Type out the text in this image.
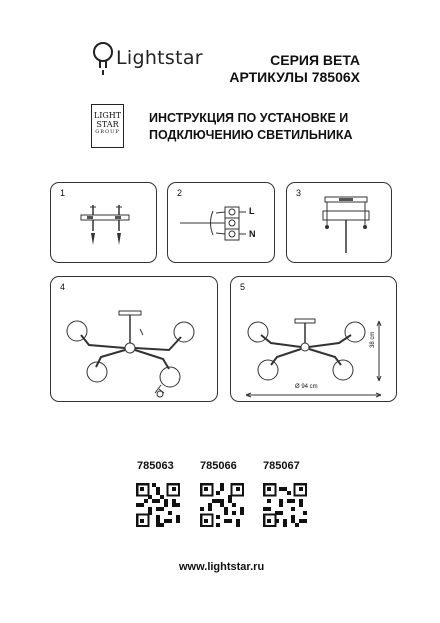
Lightstar	СЕРИЯ BETA
АРТИКУЛЫ 78506X
LIGHT
STAR
GROUP
ИНСТРУКЦИЯ ПО УСТАНОВКЕ И
ПОДКЛЮЧЕНИЮ СВЕТИЛЬНИКА
1	2
L
N
3
4	5
Ø 94 cm
38 cm
785063 785066 785067
www.lightstar.ru
